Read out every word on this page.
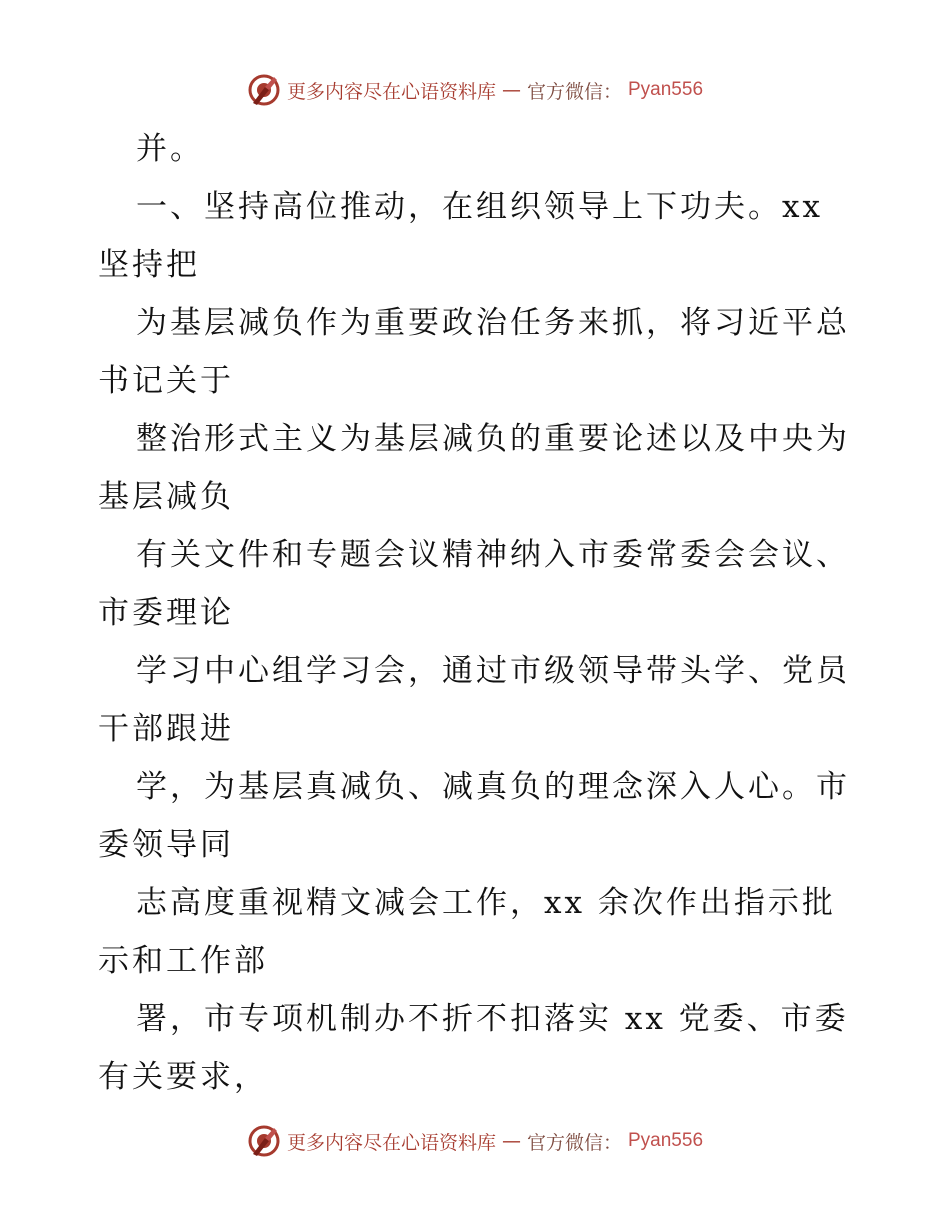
更多内容尽在心语资料库 — 官方微信： Pyan556
并。
一、坚持高位推动，在组织领导上下功夫。xx
坚持把
为基层减负作为重要政治任务来抓，将习近平总
书记关于
整治形式主义为基层减负的重要论述以及中央为
基层减负
有关文件和专题会议精神纳入市委常委会会议、
市委理论
学习中心组学习会，通过市级领导带头学、党员
干部跟进
学，为基层真减负、减真负的理念深入人心。市
委领导同
志高度重视精文减会工作，xx 余次作出指示批
示和工作部
署，市专项机制办不折不扣落实 xx 党委、市委
有关要求，
更多内容尽在心语资料库 — 官方微信： Pyan556
